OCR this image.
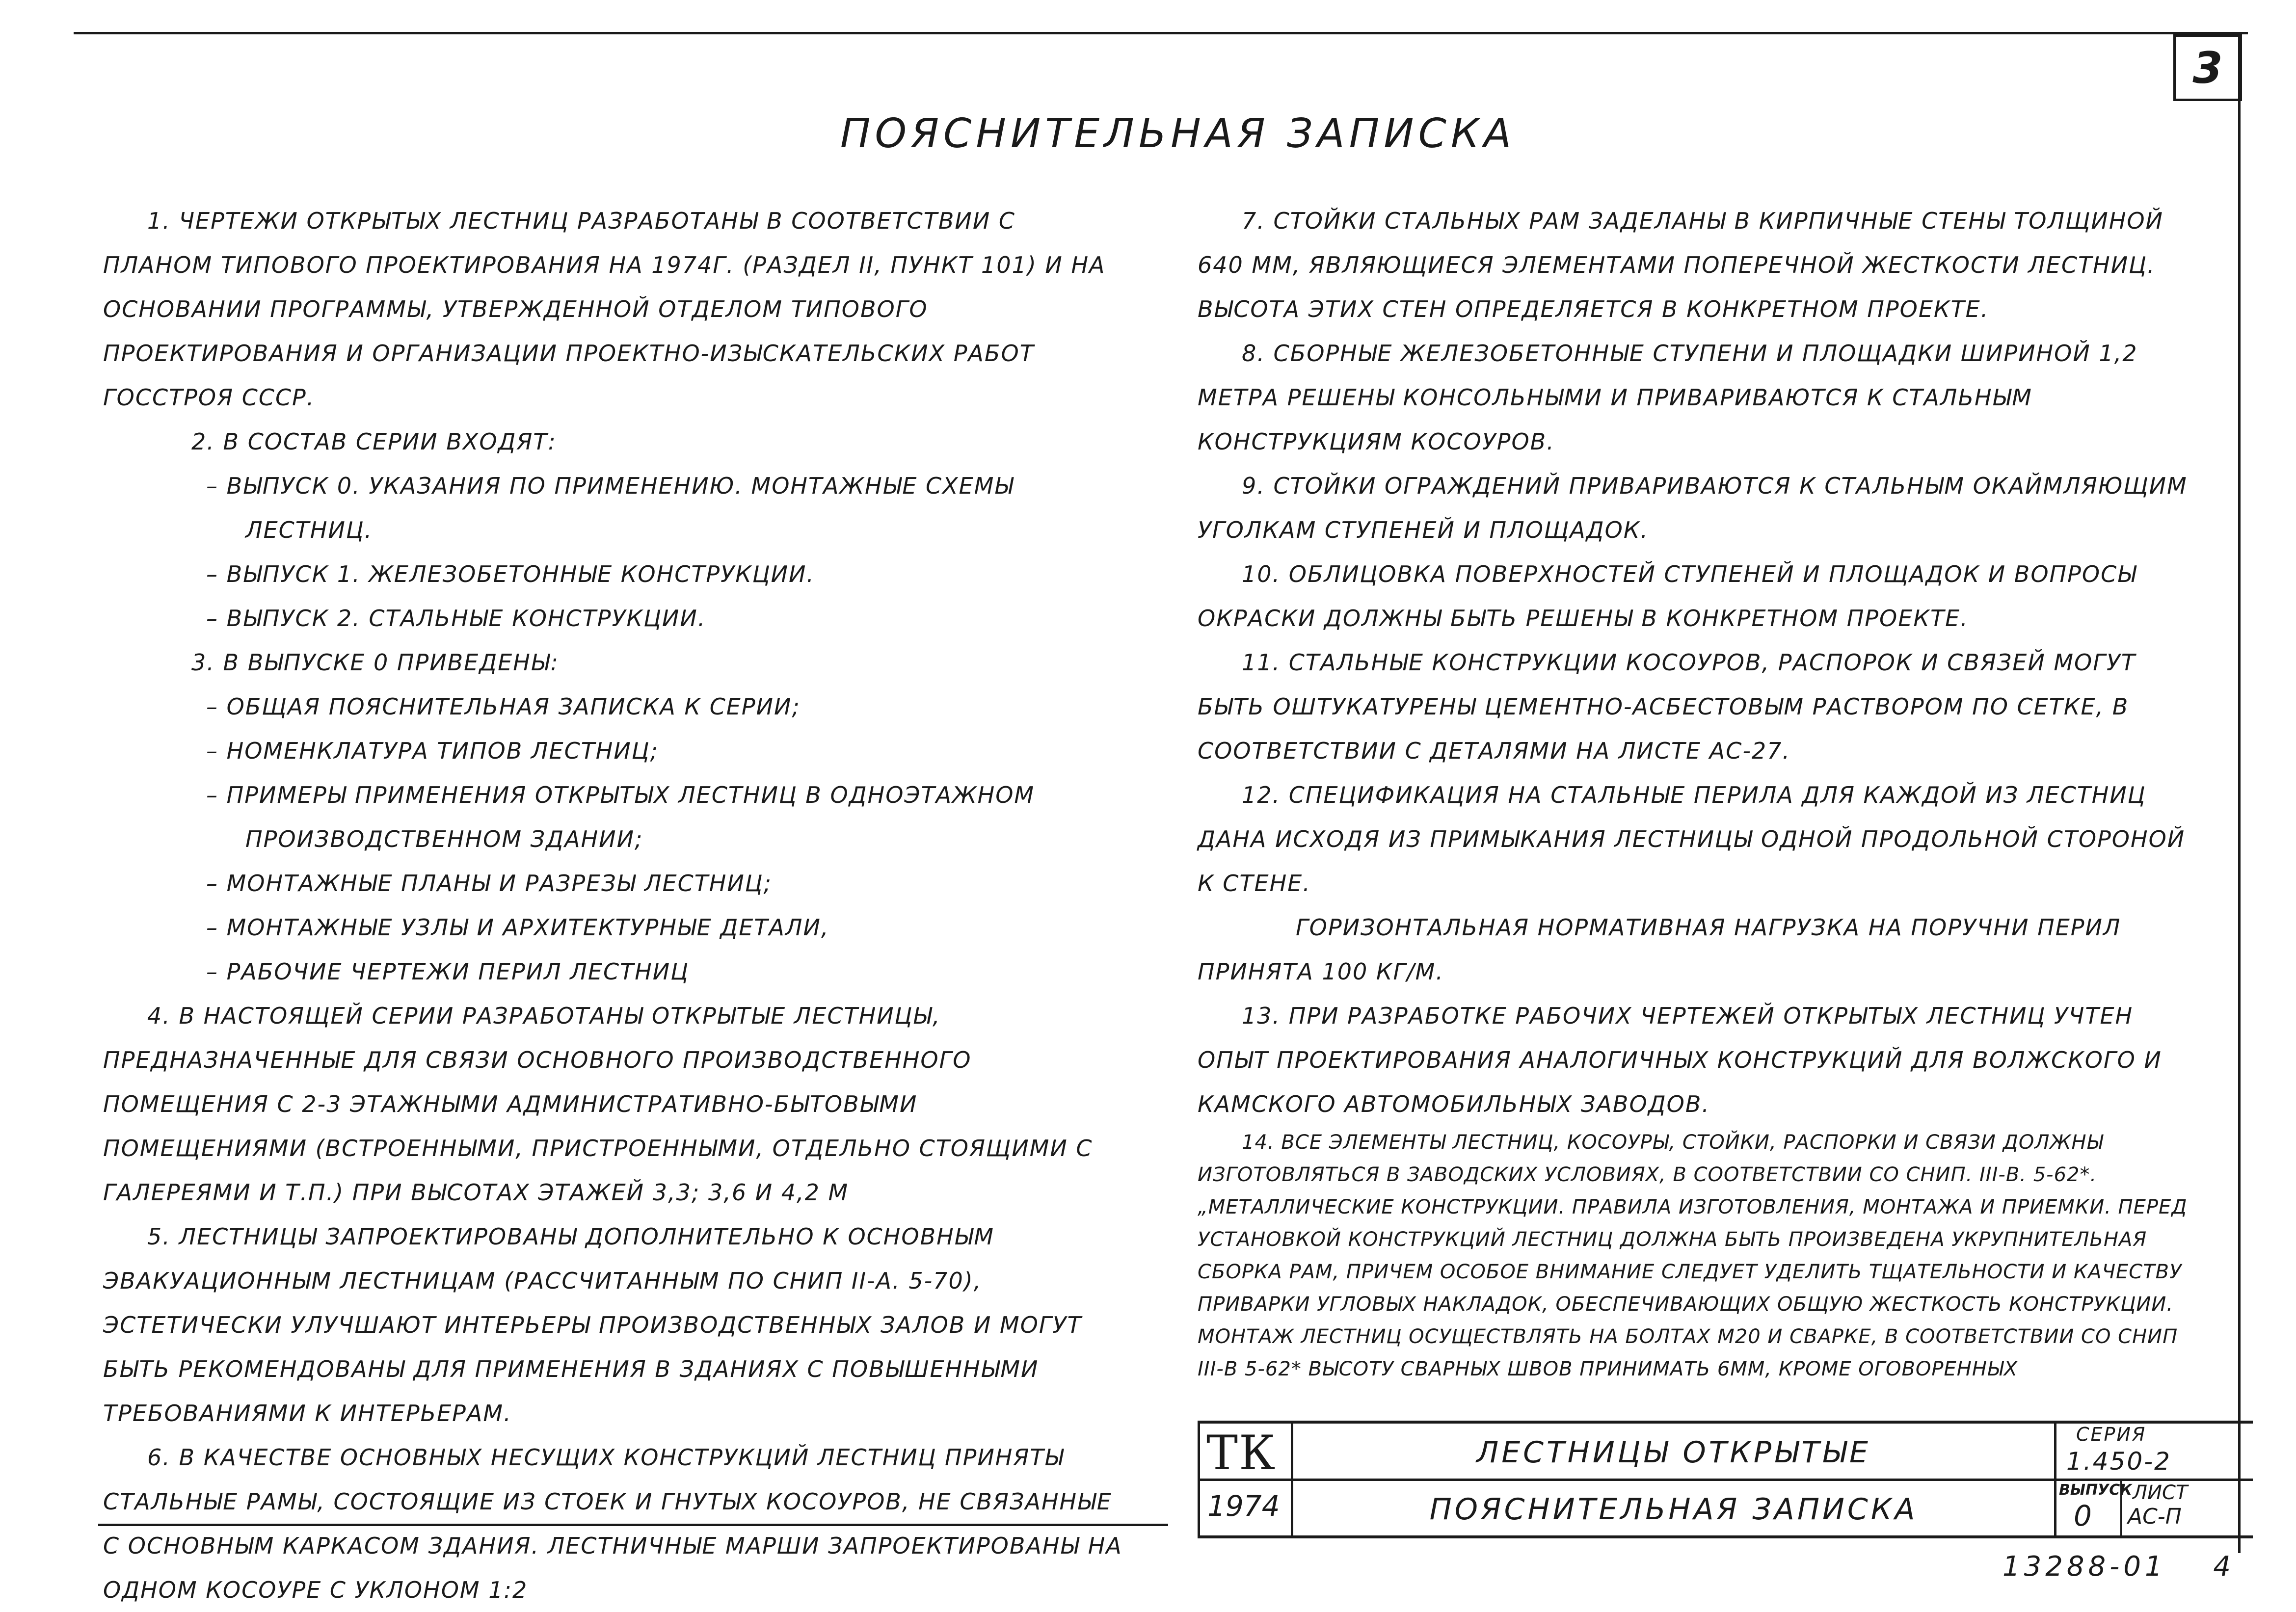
3
ПОЯСНИТЕЛЬНАЯ ЗАПИСКА

1. ЧЕРТЕЖИ ОТКРЫТЫХ ЛЕСТНИЦ РАЗРАБОТАНЫ В СООТВЕТСТВИИ С ПЛАНОМ ТИПОВОГО ПРОЕКТИРОВАНИЯ НА 1974Г. (РАЗДЕЛ II, ПУНКТ 101) И НА ОСНОВАНИИ ПРОГРАММЫ, УТВЕРЖДЕННОЙ ОТДЕЛОМ ТИПОВОГО ПРОЕКТИРОВАНИЯ И ОРГАНИЗАЦИИ ПРОЕКТНО-ИЗЫСКАТЕЛЬСКИХ РАБОТ ГОССТРОЯ СССР.

2. В СОСТАВ СЕРИИ ВХОДЯТ:

– ВЫПУСК 0. УКАЗАНИЯ ПО ПРИМЕНЕНИЮ. МОНТАЖНЫЕ СХЕМЫ ЛЕСТНИЦ.

– ВЫПУСК 1. ЖЕЛЕЗОБЕТОННЫЕ КОНСТРУКЦИИ.

– ВЫПУСК 2. СТАЛЬНЫЕ КОНСТРУКЦИИ.

3. В ВЫПУСКЕ 0 ПРИВЕДЕНЫ:

– ОБЩАЯ ПОЯСНИТЕЛЬНАЯ ЗАПИСКА К СЕРИИ;

– НОМЕНКЛАТУРА ТИПОВ ЛЕСТНИЦ;

– ПРИМЕРЫ ПРИМЕНЕНИЯ ОТКРЫТЫХ ЛЕСТНИЦ В ОДНОЭТАЖНОМ ПРОИЗВОДСТВЕННОМ ЗДАНИИ;

– МОНТАЖНЫЕ ПЛАНЫ И РАЗРЕЗЫ ЛЕСТНИЦ;

– МОНТАЖНЫЕ УЗЛЫ И АРХИТЕКТУРНЫЕ ДЕТАЛИ,

– РАБОЧИЕ ЧЕРТЕЖИ ПЕРИЛ ЛЕСТНИЦ

4. В НАСТОЯЩЕЙ СЕРИИ РАЗРАБОТАНЫ ОТКРЫТЫЕ ЛЕСТНИЦЫ, ПРЕДНАЗНАЧЕННЫЕ ДЛЯ СВЯЗИ ОСНОВНОГО ПРОИЗВОДСТВЕННОГО ПОМЕЩЕНИЯ С 2-3 ЭТАЖНЫМИ АДМИНИСТРАТИВНО-БЫТОВЫМИ ПОМЕЩЕНИЯМИ (ВСТРОЕННЫМИ, ПРИСТРОЕННЫМИ, ОТДЕЛЬНО СТОЯЩИМИ С ГАЛЕРЕЯМИ И Т.П.) ПРИ ВЫСОТАХ ЭТАЖЕЙ 3,3; 3,6 И 4,2 М

5. ЛЕСТНИЦЫ ЗАПРОЕКТИРОВАНЫ ДОПОЛНИТЕЛЬНО К ОСНОВНЫМ ЭВАКУАЦИОННЫМ ЛЕСТНИЦАМ (РАССЧИТАННЫМ ПО СНИП II-А. 5-70), ЭСТЕТИЧЕСКИ УЛУЧШАЮТ ИНТЕРЬЕРЫ ПРОИЗВОДСТВЕННЫХ ЗАЛОВ И МОГУТ БЫТЬ РЕКОМЕНДОВАНЫ ДЛЯ ПРИМЕНЕНИЯ В ЗДАНИЯХ С ПОВЫШЕННЫМИ ТРЕБОВАНИЯМИ К ИНТЕРЬЕРАМ.

6. В КАЧЕСТВЕ ОСНОВНЫХ НЕСУЩИХ КОНСТРУКЦИЙ ЛЕСТНИЦ ПРИНЯТЫ СТАЛЬНЫЕ РАМЫ, СОСТОЯЩИЕ ИЗ СТОЕК И ГНУТЫХ КОСОУРОВ, НЕ СВЯЗАННЫЕ С ОСНОВНЫМ КАРКАСОМ ЗДАНИЯ. ЛЕСТНИЧНЫЕ МАРШИ ЗАПРОЕКТИРОВАНЫ НА ОДНОМ КОСОУРЕ С УКЛОНОМ 1:2

7. СТОЙКИ СТАЛЬНЫХ РАМ ЗАДЕЛАНЫ В КИРПИЧНЫЕ СТЕНЫ ТОЛЩИНОЙ 640 ММ, ЯВЛЯЮЩИЕСЯ ЭЛЕМЕНТАМИ ПОПЕРЕЧНОЙ ЖЕСТКОСТИ ЛЕСТНИЦ.

ВЫСОТА ЭТИХ СТЕН ОПРЕДЕЛЯЕТСЯ В КОНКРЕТНОМ ПРОЕКТЕ.

8. СБОРНЫЕ ЖЕЛЕЗОБЕТОННЫЕ СТУПЕНИ И ПЛОЩАДКИ ШИРИНОЙ 1,2 МЕТРА РЕШЕНЫ КОНСОЛЬНЫМИ И ПРИВАРИВАЮТСЯ К СТАЛЬНЫМ КОНСТРУКЦИЯМ КОСОУРОВ.

9. СТОЙКИ ОГРАЖДЕНИЙ ПРИВАРИВАЮТСЯ К СТАЛЬНЫМ ОКАЙМЛЯЮЩИМ УГОЛКАМ СТУПЕНЕЙ И ПЛОЩАДОК.

10. ОБЛИЦОВКА ПОВЕРХНОСТЕЙ СТУПЕНЕЙ И ПЛОЩАДОК И ВОПРОСЫ ОКРАСКИ ДОЛЖНЫ БЫТЬ РЕШЕНЫ В КОНКРЕТНОМ ПРОЕКТЕ.

11. СТАЛЬНЫЕ КОНСТРУКЦИИ КОСОУРОВ, РАСПОРОК И СВЯЗЕЙ МОГУТ БЫТЬ ОШТУКАТУРЕНЫ ЦЕМЕНТНО-АСБЕСТОВЫМ РАСТВОРОМ ПО СЕТКЕ, В СООТВЕТСТВИИ С ДЕТАЛЯМИ НА ЛИСТЕ АС-27.

12. СПЕЦИФИКАЦИЯ НА СТАЛЬНЫЕ ПЕРИЛА ДЛЯ КАЖДОЙ ИЗ ЛЕСТНИЦ ДАНА ИСХОДЯ ИЗ ПРИМЫКАНИЯ ЛЕСТНИЦЫ ОДНОЙ ПРОДОЛЬНОЙ СТОРОНОЙ К СТЕНЕ.

ГОРИЗОНТАЛЬНАЯ НОРМАТИВНАЯ НАГРУЗКА НА ПОРУЧНИ ПЕРИЛ ПРИНЯТА 100 КГ/М.

13. ПРИ РАЗРАБОТКЕ РАБОЧИХ ЧЕРТЕЖЕЙ ОТКРЫТЫХ ЛЕСТНИЦ УЧТЕН ОПЫТ ПРОЕКТИРОВАНИЯ АНАЛОГИЧНЫХ КОНСТРУКЦИЙ ДЛЯ ВОЛЖСКОГО И КАМСКОГО АВТОМОБИЛЬНЫХ ЗАВОДОВ.

14. ВСЕ ЭЛЕМЕНТЫ ЛЕСТНИЦ, КОСОУРЫ, СТОЙКИ, РАСПОРКИ И СВЯЗИ ДОЛЖНЫ ИЗГОТОВЛЯТЬСЯ В ЗАВОДСКИХ УСЛОВИЯХ, В СООТВЕТСТВИИ СО СНИП. III-В. 5-62*. „МЕТАЛЛИЧЕСКИЕ КОНСТРУКЦИИ. ПРАВИЛА ИЗГОТОВЛЕНИЯ, МОНТАЖА И ПРИЕМКИ. ПЕРЕД УСТАНОВКОЙ КОНСТРУКЦИЙ ЛЕСТНИЦ ДОЛЖНА БЫТЬ ПРОИЗВЕДЕНА УКРУПНИТЕЛЬНАЯ СБОРКА РАМ, ПРИЧЕМ ОСОБОЕ ВНИМАНИЕ СЛЕДУЕТ УДЕЛИТЬ ТЩАТЕЛЬНОСТИ И КАЧЕСТВУ ПРИВАРКИ УГЛОВЫХ НАКЛАДОК, ОБЕСПЕЧИВАЮЩИХ ОБЩУЮ ЖЕСТКОСТЬ КОНСТРУКЦИИ. МОНТАЖ ЛЕСТНИЦ ОСУЩЕСТВЛЯТЬ НА БОЛТАХ М20 И СВАРКЕ, В СООТВЕТСТВИИ СО СНИП III-В 5-62* ВЫСОТУ СВАРНЫХ ШВОВ ПРИНИМАТЬ 6ММ, КРОМЕ ОГОВОРЕННЫХ

ТК
1974
ЛЕСТНИЦЫ ОТКРЫТЫЕ
ПОЯСНИТЕЛЬНАЯ ЗАПИСКА
СЕРИЯ
1.450-2
ВЫПУСК
0
ЛИСТ
АС-П
13288-01 4
